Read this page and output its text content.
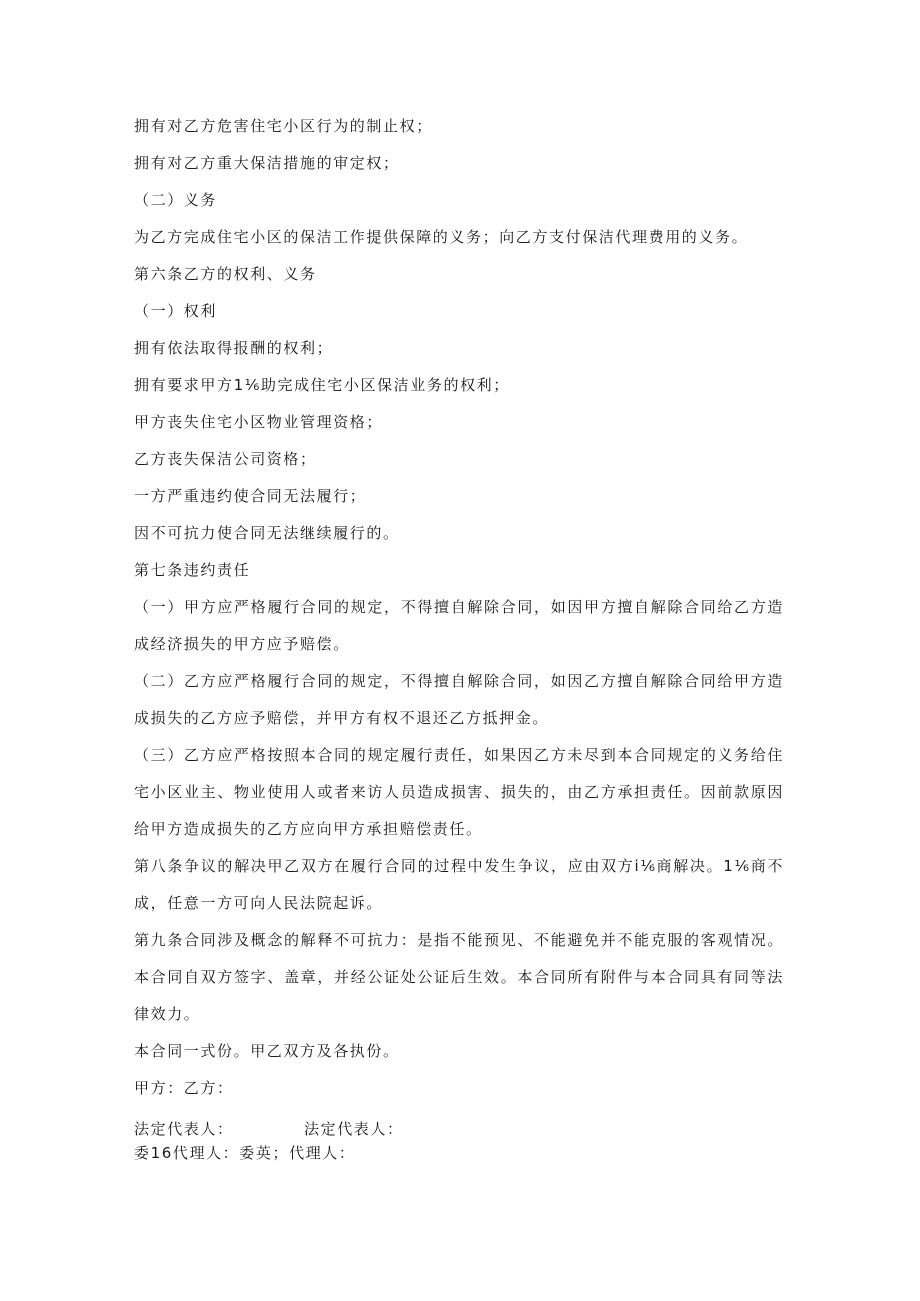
拥有对乙方危害住宅小区行为的制止权；

拥有对乙方重大保洁措施的审定权；

（二）义务

为乙方完成住宅小区的保洁工作提供保障的义务；向乙方支付保洁代理费用的义务。

第六条乙方的权利、义务

（一）权利

拥有依法取得报酬的权利；

拥有要求甲方1⅙助完成住宅小区保洁业务的权利；

甲方丧失住宅小区物业管理资格；

乙方丧失保洁公司资格；

一方严重违约使合同无法履行；

因不可抗力使合同无法继续履行的。

第七条违约责任

（一）甲方应严格履行合同的规定，不得擅自解除合同，如因甲方擅自解除合同给乙方造成经济损失的甲方应予赔偿。

（二）乙方应严格履行合同的规定，不得擅自解除合同，如因乙方擅自解除合同给甲方造成损失的乙方应予赔偿，并甲方有权不退还乙方抵押金。

（三）乙方应严格按照本合同的规定履行责任，如果因乙方未尽到本合同规定的义务给住宅小区业主、物业使用人或者来访人员造成损害、损失的，由乙方承担责任。因前款原因给甲方造成损失的乙方应向甲方承担赔偿责任。

第八条争议的解决甲乙双方在履行合同的过程中发生争议，应由双方i⅙商解决。1⅙商不成，任意一方可向人民法院起诉。

第九条合同涉及概念的解释不可抗力：是指不能预见、不能避免并不能克服的客观情况。本合同自双方签字、盖章，并经公证处公证后生效。本合同所有附件与本合同具有同等法律效力。

本合同一式份。甲乙双方及各执份。

甲方：乙方：

法定代表人：	法定代表人：
委16代理人：委英；代理人：
